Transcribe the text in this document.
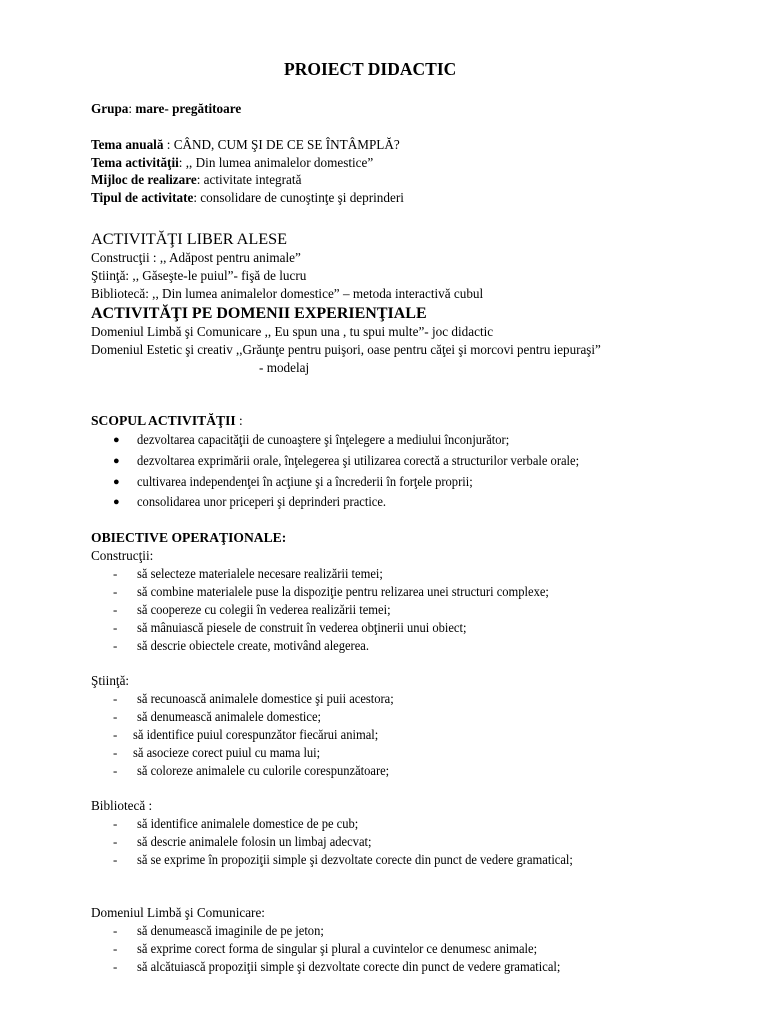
PROIECT DIDACTIC
Grupa: mare- pregătitoare
Tema anuală : CÂND, CUM ŞI DE CE SE ÎNTÂMPLĂ?
Tema activităţii: ,, Din lumea animalelor domestice”
Mijloc de realizare: activitate integrată
Tipul de activitate: consolidare de cunoştinţe şi deprinderi
ACTIVITĂŢI LIBER ALESE
Construcţii : ,, Adăpost pentru animale”
Ştiinţă: ,, Găseşte-le puiul”- fişă de lucru
Bibliotecă: ,, Din lumea animalelor domestice” – metoda interactivă cubul
ACTIVITĂŢI PE DOMENII EXPERIENŢIALE
Domeniul Limbă şi Comunicare ,, Eu spun una , tu spui multe”- joc didactic
Domeniul Estetic şi creativ ,,Grăunţe pentru puişori, oase pentru căţei şi morcovi pentru iepuraşi”
- modelaj
SCOPUL ACTIVITĂŢII :
● dezvoltarea capacităţii de cunoaştere şi înţelegere a mediului înconjurător;
● dezvoltarea exprimării orale, înţelegerea şi utilizarea corectă a structurilor verbale orale;
● cultivarea independenţei în acţiune şi a încrederii în forţele proprii;
● consolidarea unor priceperi şi deprinderi practice.
OBIECTIVE OPERAŢIONALE:
Construcţii:
- să selecteze materialele necesare realizării temei;
- să combine materialele puse la dispoziţie pentru relizarea unei structuri complexe;
- să coopereze cu colegii în vederea realizării temei;
- să mânuiască piesele de construit în vederea obţinerii unui obiect;
- să descrie obiectele create, motivând alegerea.
Ştiinţă:
- să recunoască animalele domestice şi puii acestora;
- să denumească animalele domestice;
- să identifice puiul corespunzător fiecărui animal;
- să asocieze corect puiul cu mama lui;
- să coloreze animalele cu culorile corespunzătoare;
Bibliotecă :
- să identifice animalele domestice de pe cub;
- să descrie animalele folosin un limbaj adecvat;
- să se exprime în propoziţii simple şi dezvoltate corecte din punct de vedere gramatical;
Domeniul Limbă şi Comunicare:
- să denumească imaginile de pe jeton;
- să exprime corect forma de singular şi plural a cuvintelor ce denumesc animale;
- să alcătuiască propoziţii simple şi dezvoltate corecte din punct de vedere gramatical;
